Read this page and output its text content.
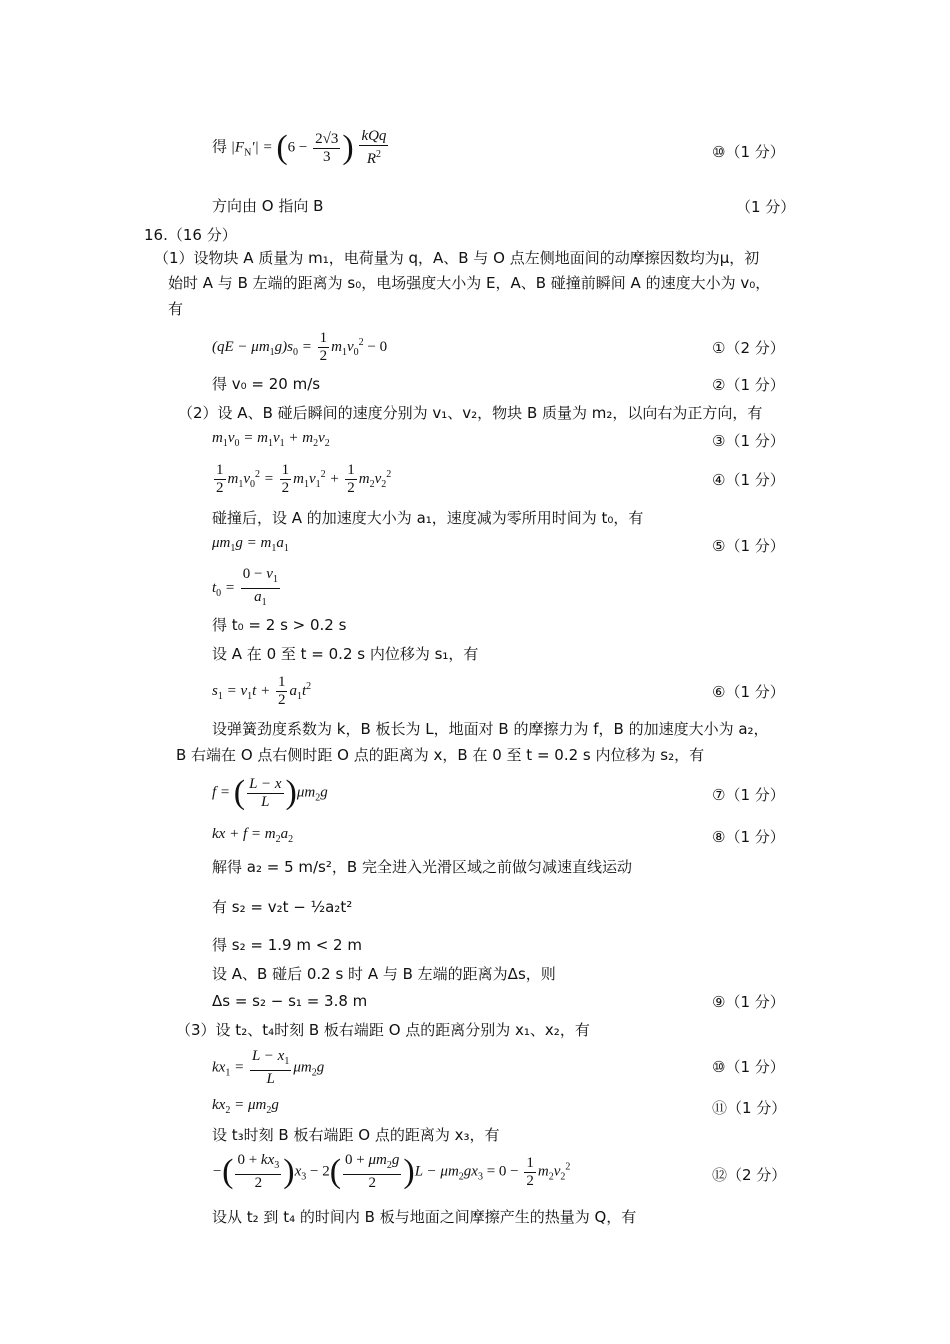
得 $|F_N'| = (6 - \frac{2√3}{3}$ ) $\frac{\text{kQq}}{R^2}$	⑩（1 分）
方向由 O 指向 B	（1 分）
16.（16 分）
（1）设物块 A 质量为 m₁，电荷量为 q，A、B 与 O 点左侧地面间的动摩擦因数均为μ，初
始时 A 与 B 左端的距离为 s₀，电场强度大小为 E，A、B 碰撞前瞬间 A 的速度大小为 v₀，
有
$(qE - \mu m_1g)s_0 = \frac{1}{2} m_1v_0^2 - 0$	①（2 分）
得 v₀ = 20 m/s	②（1 分）
（2）设 A、B 碰后瞬间的速度分别为 v₁、v₂，物块 B 质量为 m₂，以向右为正方向，有
$m_1v_0 = m_1v_1 + m_2v_2$	③（1 分）
$\frac{1}{2} m_1v_0^2 = \frac{1}{2} m_1v_1^2 + \frac{1}{2} m_2v_2^2$	④（1 分）
碰撞后，设 A 的加速度大小为 a₁，速度减为零所用时间为 t₀，有
$\mu m_1g = m_1a_1$	⑤（1 分）
$t_0 = \frac{0 - v_1}{a_1}$
得 t₀ = 2 s > 0.2 s
设 A 在 0 至 t = 0.2 s 内位移为 s₁，有
$s_1 = v_1t + \frac{1}{2} a_1t^2$	⑥（1 分）
设弹簧劲度系数为 k，B 板长为 L，地面对 B 的摩擦力为 f，B 的加速度大小为 a₂，
B 右端在 O 点右侧时距 O 点的距离为 x，B 在 0 至 t = 0.2 s 内位移为 s₂，有
f = ( $\frac{L - x}{L} )\mu m_2g$	⑦（1 分）
kx + $f = m_2a_2$	⑧（1 分）
解得 a₂ = 5 m/s²，B 完全进入光滑区域之前做匀减速直线运动
有 s₂ = v₂t − ½a₂t²
得 s₂ = 1.9 m < 2 m
设 A、B 碰后 0.2 s 时 A 与 B 左端的距离为Δs，则
Δs = s₂ − s₁ = 3.8 m	⑨（1 分）
（3）设 t₂、t₄时刻 B 板右端距 O 点的距离分别为 x₁、x₂，有
$kx_1 = \frac{L - x_1}{L} \mu m_2g$	⑩（1 分）
$kx_2 = \mu m_2g$	⑪（1 分）
设 t₃时刻 B 板右端距 O 点的距离为 x₃，有
−( $\frac{0 + kx_3}{2} )x_3 - 2( \frac{0 + \mu m_2g}{2} )L - \mu m_2gx_3 = 0 - \frac{1}{2} m_2v_2^2$	⑫（2 分）
设从 t₂ 到 t₄ 的时间内 B 板与地面之间摩擦产生的热量为 Q，有
